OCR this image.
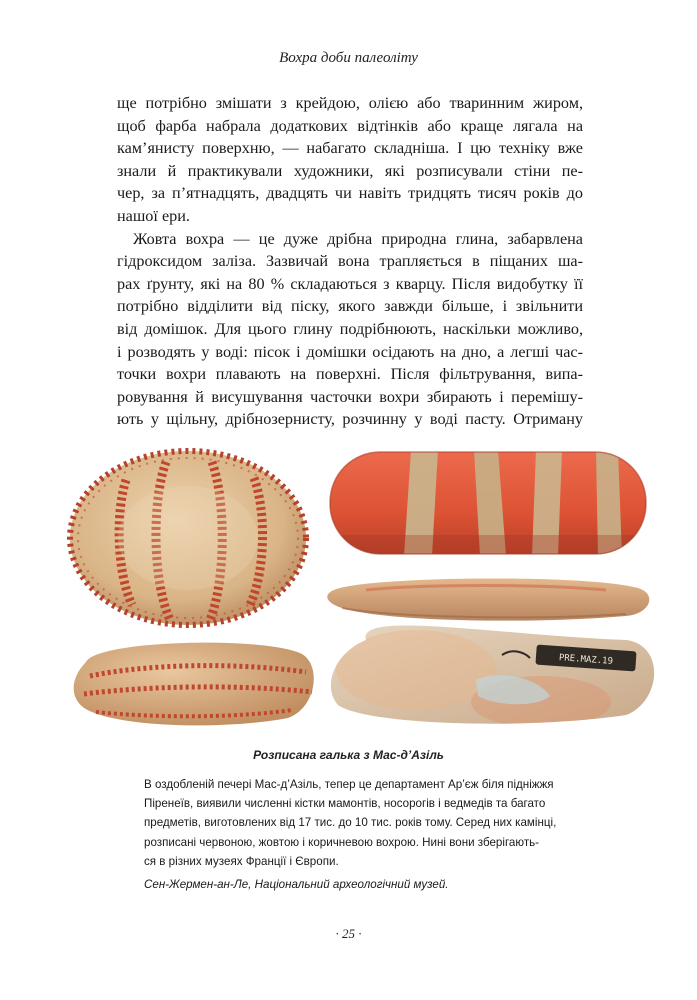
Вохра доби палеоліту
ще потрібно змішати з крейдою, олією або тваринним жиром,
щоб фарба набрала додаткових відтінків або краще лягала на
кам’янисту поверхню, — набагато складніша. І цю техніку вже
знали й практикували художники, які розписували стіни пе-
чер, за п’ятнадцять, двадцять чи навіть тридцять тисяч років до
нашої ери.
Жовта вохра — це дуже дрібна природна глина, забарвлена
гідроксидом заліза. Зазвичай вона трапляється в піщаних ша-
рах ґрунту, які на 80 % складаються з кварцу. Після видобутку її
потрібно відділити від піску, якого завжди більше, і звільнити
від домішок. Для цього глину подрібнюють, наскільки можливо,
і розводять у воді: пісок і домішки осідають на дно, а легші час-
точки вохри плавають на поверхні. Після фільтрування, випа-
ровування й висушування часточки вохри збирають і перемішу-
ють у щільну, дрібнозернисту, розчинну у воді пасту. Отриману
PRE.MAZ.19
Розписана галька з Мас-д’Азіль
В оздобленій печері Мас-д’Азіль, тепер це департамент Ар’єж біля підніжжя
Піренеїв, виявили численні кістки мамонтів, носорогів і ведмедів та багато
предметів, виготовлених від 17 тис. до 10 тис. років тому. Серед них камінці,
розписані червоною, жовтою і коричневою вохрою. Нині вони зберігають-
ся в різних музеях Франції і Європи.
Сен-Жермен-ан-Ле, Національний археологічний музей.
· 25 ·
